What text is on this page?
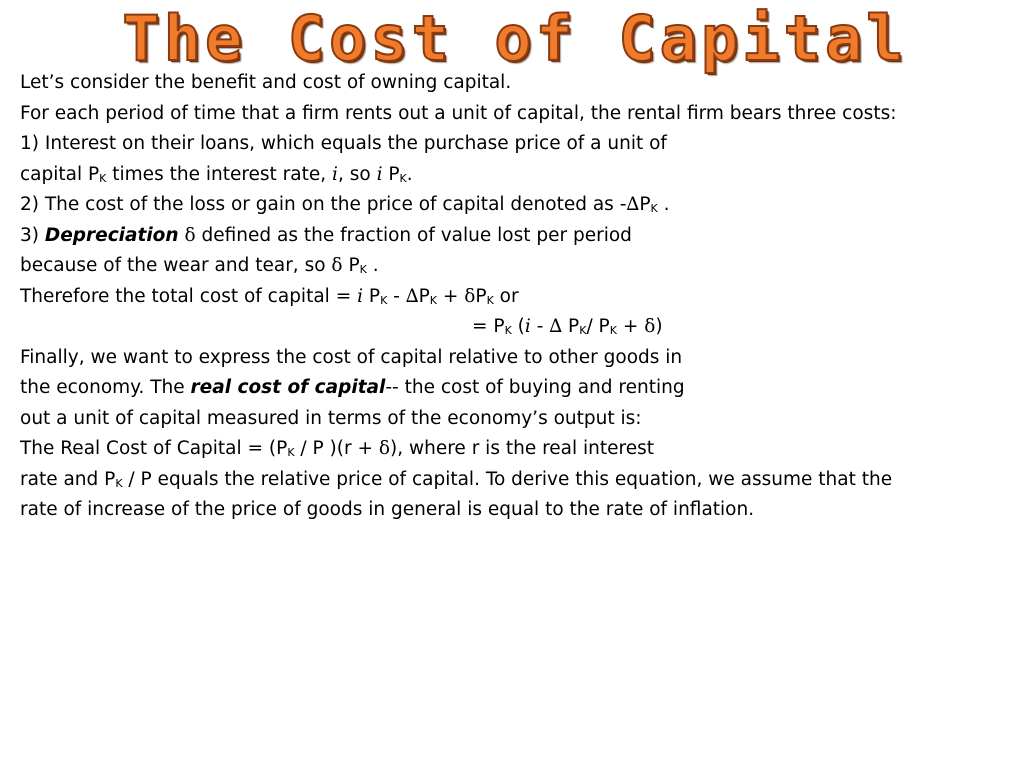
The Cost of Capital
Let’s consider the benefit and cost of owning capital.
For each period of time that a firm rents out a unit of capital, the rental firm bears three costs:
1) Interest on their loans, which equals the purchase price of a unit of
capital $P_K$ times the interest rate, i, so i $P_K$.
2) The cost of the loss or gain on the price of capital denoted as $-\Delta P_K$ .
3) Depreciation δ defined as the fraction of value lost per period
because of the wear and tear, so δ $P_K$ .
Therefore the total cost of capital = i $P_K - \Delta P_K + \delta P_K$ or
= $P_K$ (i - ∆ $P_K/$ $P_K + \delta$)
Finally, we want to express the cost of capital relative to other goods in
the economy. The real cost of capital-- the cost of buying and renting
out a unit of capital measured in terms of the economy’s output is:
The Real Cost of Capital = ($P_K$ / P )(r + δ), where r is the real interest
rate and $P_K$ / P equals the relative price of capital. To derive this equation, we assume that the
rate of increase of the price of goods in general is equal to the rate of inflation.
